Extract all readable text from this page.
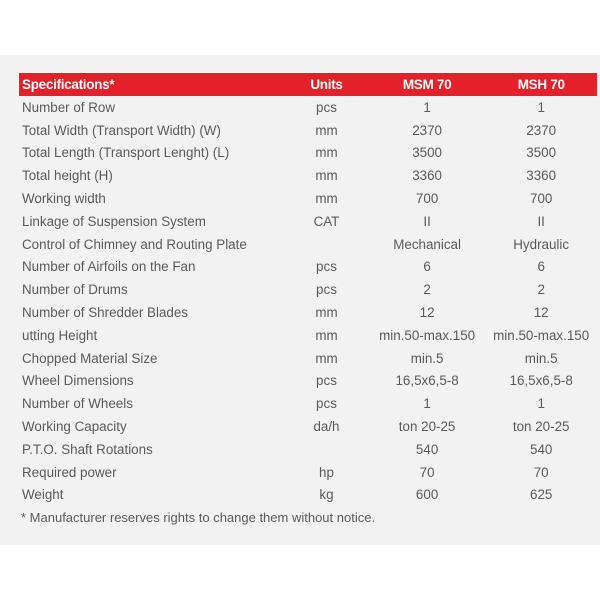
Specifications*	Units	MSM 70	MSH 70
Number of Row	pcs	1	1
Total Width (Transport Width) (W)	mm	2370	2370
Total Length (Transport Lenght) (L)	mm	3500	3500
Total height (H)	mm	3360	3360
Working width	mm	700	700
Linkage of Suspension System	CAT	II	II
Control of Chimney and Routing Plate		Mechanical	Hydraulic
Number of Airfoils on the Fan	pcs	6	6
Number of Drums	pcs	2	2
Number of Shredder Blades	mm	12	12
utting Height	mm	min.50-max.150	min.50-max.150
Chopped Material Size	mm	min.5	min.5
Wheel Dimensions	pcs	16,5x6,5-8	16,5x6,5-8
Number of Wheels	pcs	1	1
Working Capacity	da/h	ton 20-25	ton 20-25
P.T.O. Shaft Rotations		540	540
Required power	hp	70	70
Weight	kg	600	625
* Manufacturer reserves rights to change them without notice.
